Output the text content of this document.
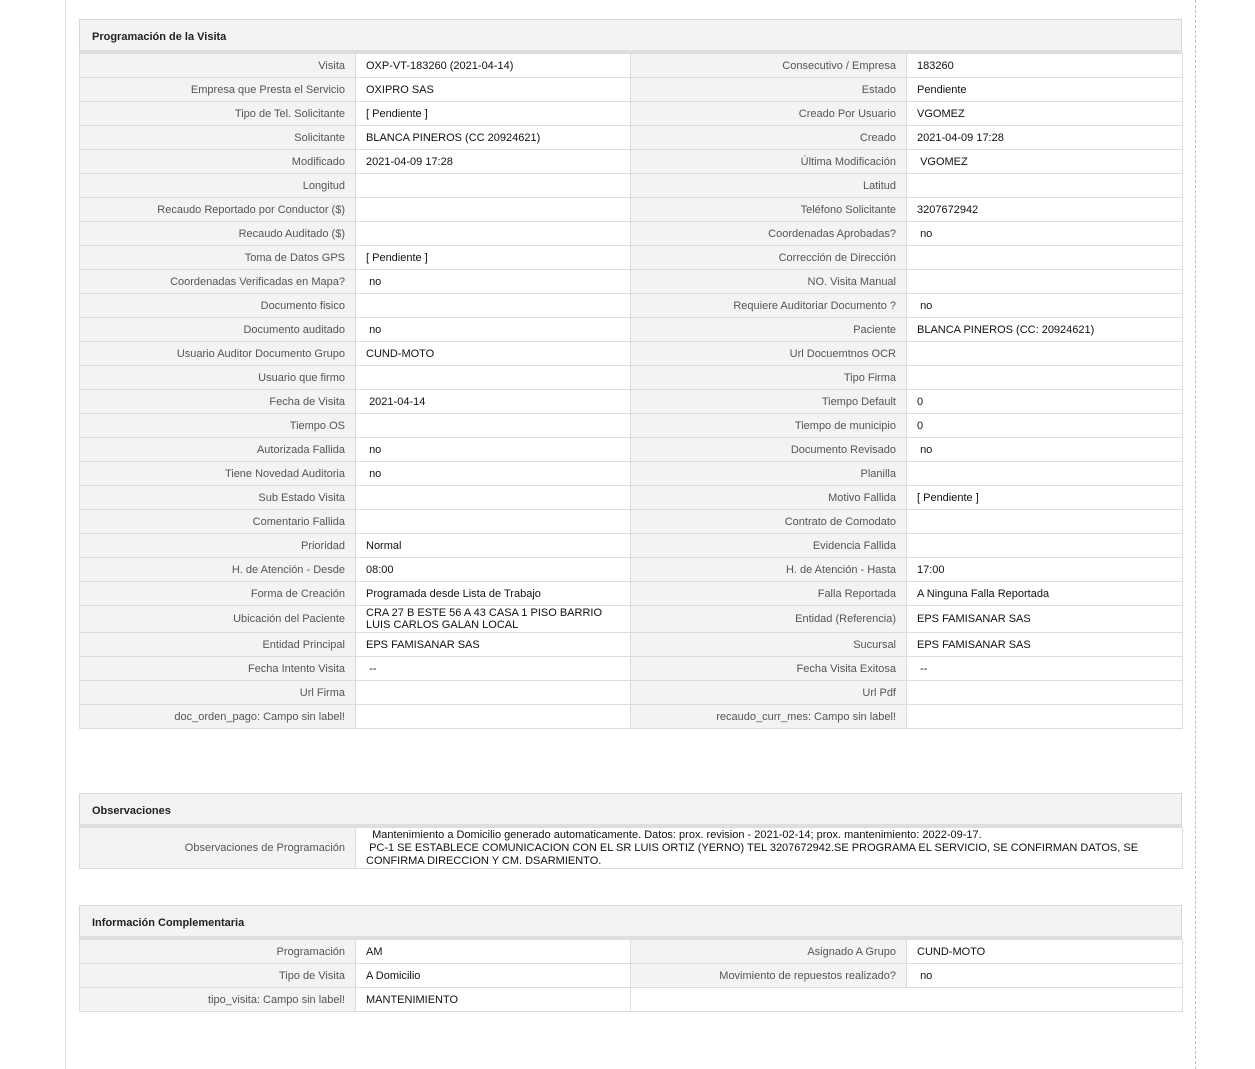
Programación de la Visita
Visita	OXP-VT-183260 (2021-04-14)	Consecutivo / Empresa	183260
Empresa que Presta el Servicio	OXIPRO SAS	Estado	Pendiente
Tipo de Tel. Solicitante	[ Pendiente ]	Creado Por Usuario	VGOMEZ
Solicitante	BLANCA PINEROS (CC 20924621)	Creado	2021-04-09 17:28
Modificado	2021-04-09 17:28	Última Modificación	VGOMEZ
Longitud		Latitud	
Recaudo Reportado por Conductor ($)		Teléfono Solicitante	3207672942
Recaudo Auditado ($)		Coordenadas Aprobadas?	no
Toma de Datos GPS	[ Pendiente ]	Corrección de Dirección	
Coordenadas Verificadas en Mapa?	no	NO. Visita Manual	
Documento fisico		Requiere Auditoriar Documento ?	no
Documento auditado	no	Paciente	BLANCA PINEROS (CC: 20924621)
Usuario Auditor Documento Grupo	CUND-MOTO	Url Docuemtnos OCR	
Usuario que firmo		Tipo Firma	
Fecha de Visita	2021-04-14	Tiempo Default	0
Tiempo OS		Tiempo de municipio	0
Autorizada Fallida	no	Documento Revisado	no
Tiene Novedad Auditoria	no	Planilla	
Sub Estado Visita		Motivo Fallida	[ Pendiente ]
Comentario Fallida		Contrato de Comodato	
Prioridad	Normal	Evidencia Fallida	
H. de Atención - Desde	08:00	H. de Atención - Hasta	17:00
Forma de Creación	Programada desde Lista de Trabajo	Falla Reportada	A Ninguna Falla Reportada
Ubicación del Paciente	CRA 27 B ESTE 56 A 43 CASA 1 PISO BARRIO LUIS CARLOS GALAN LOCAL	Entidad (Referencia)	EPS FAMISANAR SAS
Entidad Principal	EPS FAMISANAR SAS	Sucursal	EPS FAMISANAR SAS
Fecha Intento Visita	--	Fecha Visita Exitosa	--
Url Firma		Url Pdf	
doc_orden_pago: Campo sin label!		recaudo_curr_mes: Campo sin label!	
Observaciones
Observaciones de Programación	
Mantenimiento a Domicilio generado automaticamente. Datos: prox. revision - 2021-02-14; prox. mantenimiento: 2022-09-17.
PC-1 SE ESTABLECE COMUNICACION CON EL SR LUIS ORTIZ (YERNO) TEL 3207672942.SE PROGRAMA EL SERVICIO, SE CONFIRMAN DATOS, SE CONFIRMA DIRECCION Y CM. DSARMIENTO.
Información Complementaria
Programación	AM	Asignado A Grupo	CUND-MOTO
Tipo de Visita	A Domicilio	Movimiento de repuestos realizado?	no
tipo_visita: Campo sin label!	MANTENIMIENTO		
